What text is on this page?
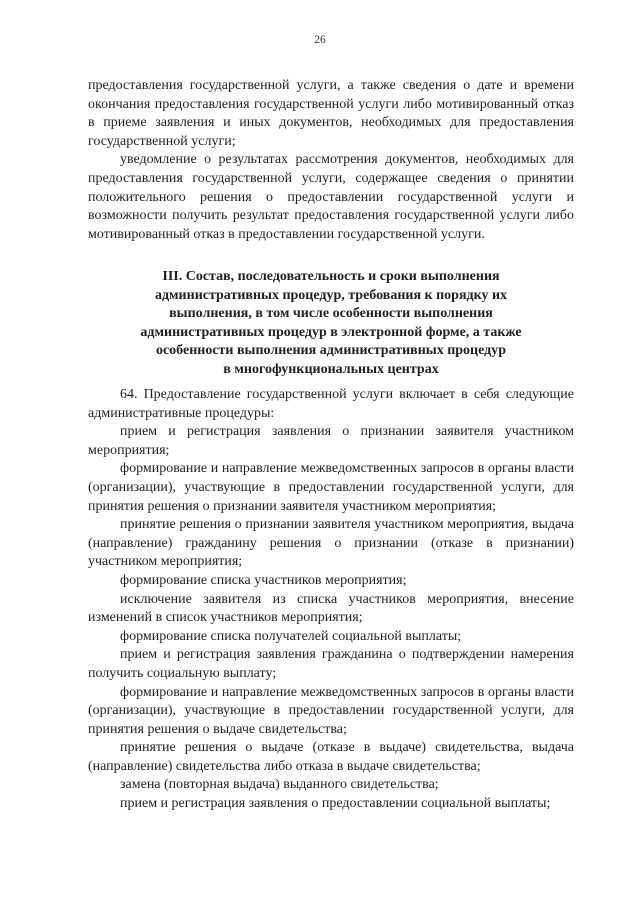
26

предоставления государственной услуги, а также сведения о дате и времени окончания предоставления государственной услуги либо мотивированный отказ в приеме заявления и иных документов, необходимых для предоставления государственной услуги;

уведомление о результатах рассмотрения документов, необходимых для предоставления государственной услуги, содержащее сведения о принятии положительного решения о предоставлении государственной услуги и возможности получить результат предоставления государственной услуги либо мотивированный отказ в предоставлении государственной услуги.

III. Состав, последовательность и сроки выполнения
административных процедур, требования к порядку их
выполнения, в том числе особенности выполнения
административных процедур в электронной форме, а также
особенности выполнения административных процедур
в многофункциональных центрах

64. Предоставление государственной услуги включает в себя следующие административные процедуры:

прием и регистрация заявления о признании заявителя участником мероприятия;

формирование и направление межведомственных запросов в органы власти (организации), участвующие в предоставлении государственной услуги, для принятия решения о признании заявителя участником мероприятия;

принятие решения о признании заявителя участником мероприятия, выдача (направление) гражданину решения о признании (отказе в признании) участником мероприятия;

формирование списка участников мероприятия;

исключение заявителя из списка участников мероприятия, внесение изменений в список участников мероприятия;

формирование списка получателей социальной выплаты;

прием и регистрация заявления гражданина о подтверждении намерения получить социальную выплату;

формирование и направление межведомственных запросов в органы власти (организации), участвующие в предоставлении государственной услуги, для принятия решения о выдаче свидетельства;

принятие решения о выдаче (отказе в выдаче) свидетельства, выдача (направление) свидетельства либо отказа в выдаче свидетельства;

замена (повторная выдача) выданного свидетельства;

прием и регистрация заявления о предоставлении социальной выплаты;
